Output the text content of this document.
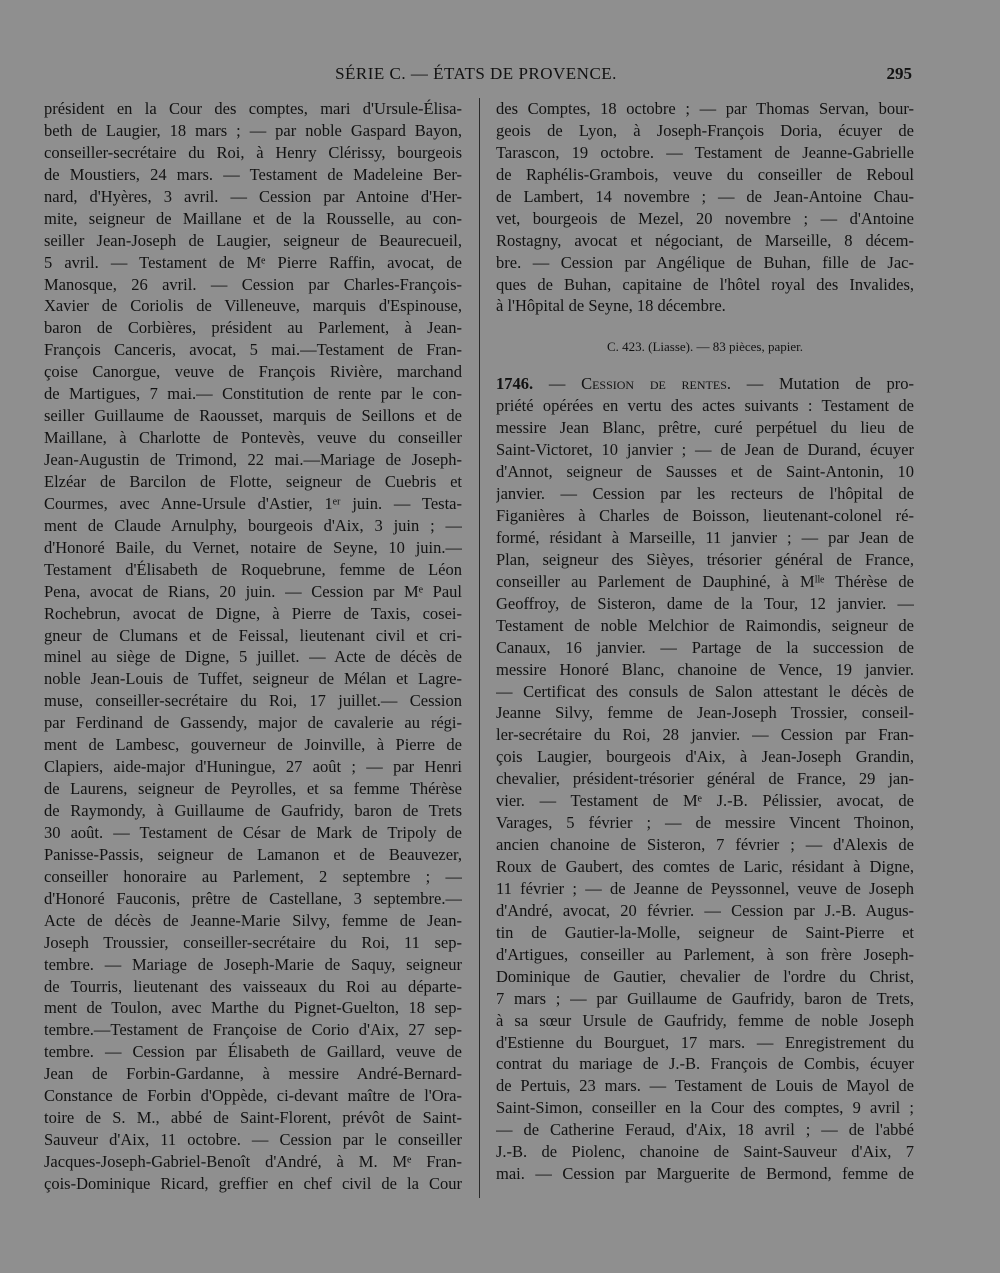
SÉRIE C. — ÉTATS DE PROVENCE.	295
président en la Cour des comptes, mari d'Ursule-Élisa-
beth de Laugier, 18 mars ; — par noble Gaspard Bayon,
conseiller-secrétaire du Roi, à Henry Clérissy, bourgeois
de Moustiers, 24 mars. — Testament de Madeleine Ber-
nard, d'Hyères, 3 avril. — Cession par Antoine d'Her-
mite, seigneur de Maillane et de la Rousselle, au con-
seiller Jean-Joseph de Laugier, seigneur de Beaurecueil,
5 avril. — Testament de Mᵉ Pierre Raffin, avocat, de
Manosque, 26 avril. — Cession par Charles-François-
Xavier de Coriolis de Villeneuve, marquis d'Espinouse,
baron de Corbières, président au Parlement, à Jean-
François Canceris, avocat, 5 mai.—Testament de Fran-
çoise Canorgue, veuve de François Rivière, marchand
de Martigues, 7 mai.— Constitution de rente par le con-
seiller Guillaume de Raousset, marquis de Seillons et de
Maillane, à Charlotte de Pontevès, veuve du conseiller
Jean-Augustin de Trimond, 22 mai.—Mariage de Joseph-
Elzéar de Barcilon de Flotte, seigneur de Cuebris et
Courmes, avec Anne-Ursule d'Astier, 1ᵉʳ juin. — Testa-
ment de Claude Arnulphy, bourgeois d'Aix, 3 juin ; —
d'Honoré Baile, du Vernet, notaire de Seyne, 10 juin.—
Testament d'Élisabeth de Roquebrune, femme de Léon
Pena, avocat de Rians, 20 juin. — Cession par Mᵉ Paul
Rochebrun, avocat de Digne, à Pierre de Taxis, cosei-
gneur de Clumans et de Feissal, lieutenant civil et cri-
minel au siège de Digne, 5 juillet. — Acte de décès de
noble Jean-Louis de Tuffet, seigneur de Mélan et Lagre-
muse, conseiller-secrétaire du Roi, 17 juillet.— Cession
par Ferdinand de Gassendy, major de cavalerie au régi-
ment de Lambesc, gouverneur de Joinville, à Pierre de
Clapiers, aide-major d'Huningue, 27 août ; — par Henri
de Laurens, seigneur de Peyrolles, et sa femme Thérèse
de Raymondy, à Guillaume de Gaufridy, baron de Trets
30 août. — Testament de César de Mark de Tripoly de
Panisse-Passis, seigneur de Lamanon et de Beauvezer,
conseiller honoraire au Parlement, 2 septembre ; —
d'Honoré Fauconis, prêtre de Castellane, 3 septembre.—
Acte de décès de Jeanne-Marie Silvy, femme de Jean-
Joseph Troussier, conseiller-secrétaire du Roi, 11 sep-
tembre. — Mariage de Joseph-Marie de Saquy, seigneur
de Tourris, lieutenant des vaisseaux du Roi au départe-
ment de Toulon, avec Marthe du Pignet-Guelton, 18 sep-
tembre.—Testament de Françoise de Corio d'Aix, 27 sep-
tembre. — Cession par Élisabeth de Gaillard, veuve de
Jean de Forbin-Gardanne, à messire André-Bernard-
Constance de Forbin d'Oppède, ci-devant maître de l'Ora-
toire de S. M., abbé de Saint-Florent, prévôt de Saint-
Sauveur d'Aix, 11 octobre. — Cession par le conseiller
Jacques-Joseph-Gabriel-Benoît d'André, à M. Mᵉ Fran-
çois-Dominique Ricard, greffier en chef civil de la Cour
des Comptes, 18 octobre ; — par Thomas Servan, bour-
geois de Lyon, à Joseph-François Doria, écuyer de
Tarascon, 19 octobre. — Testament de Jeanne-Gabrielle
de Raphélis-Grambois, veuve du conseiller de Reboul
de Lambert, 14 novembre ; — de Jean-Antoine Chau-
vet, bourgeois de Mezel, 20 novembre ; — d'Antoine
Rostagny, avocat et négociant, de Marseille, 8 décem-
bre. — Cession par Angélique de Buhan, fille de Jac-
ques de Buhan, capitaine de l'hôtel royal des Invalides,
à l'Hôpital de Seyne, 18 décembre.
C. 423. (Liasse). — 83 pièces, papier.
1746. — Cession de rentes. — Mutation de pro-
priété opérées en vertu des actes suivants : Testament de
messire Jean Blanc, prêtre, curé perpétuel du lieu de
Saint-Victoret, 10 janvier ; — de Jean de Durand, écuyer
d'Annot, seigneur de Sausses et de Saint-Antonin, 10
janvier. — Cession par les recteurs de l'hôpital de
Figanières à Charles de Boisson, lieutenant-colonel ré-
formé, résidant à Marseille, 11 janvier ; — par Jean de
Plan, seigneur des Sièyes, trésorier général de France,
conseiller au Parlement de Dauphiné, à Mˡˡᵉ Thérèse de
Geoffroy, de Sisteron, dame de la Tour, 12 janvier. —
Testament de noble Melchior de Raimondis, seigneur de
Canaux, 16 janvier. — Partage de la succession de
messire Honoré Blanc, chanoine de Vence, 19 janvier.
— Certificat des consuls de Salon attestant le décès de
Jeanne Silvy, femme de Jean-Joseph Trossier, conseil-
ler-secrétaire du Roi, 28 janvier. — Cession par Fran-
çois Laugier, bourgeois d'Aix, à Jean-Joseph Grandin,
chevalier, président-trésorier général de France, 29 jan-
vier. — Testament de Mᵉ J.-B. Pélissier, avocat, de
Varages, 5 février ; — de messire Vincent Thoinon,
ancien chanoine de Sisteron, 7 février ; — d'Alexis de
Roux de Gaubert, des comtes de Laric, résidant à Digne,
11 février ; — de Jeanne de Peyssonnel, veuve de Joseph
d'André, avocat, 20 février. — Cession par J.-B. Augus-
tin de Gautier-la-Molle, seigneur de Saint-Pierre et
d'Artigues, conseiller au Parlement, à son frère Joseph-
Dominique de Gautier, chevalier de l'ordre du Christ,
7 mars ; — par Guillaume de Gaufridy, baron de Trets,
à sa sœur Ursule de Gaufridy, femme de noble Joseph
d'Estienne du Bourguet, 17 mars. — Enregistrement du
contrat du mariage de J.-B. François de Combis, écuyer
de Pertuis, 23 mars. — Testament de Louis de Mayol de
Saint-Simon, conseiller en la Cour des comptes, 9 avril ;
— de Catherine Feraud, d'Aix, 18 avril ; — de l'abbé
J.-B. de Piolenc, chanoine de Saint-Sauveur d'Aix, 7
mai. — Cession par Marguerite de Bermond, femme de
